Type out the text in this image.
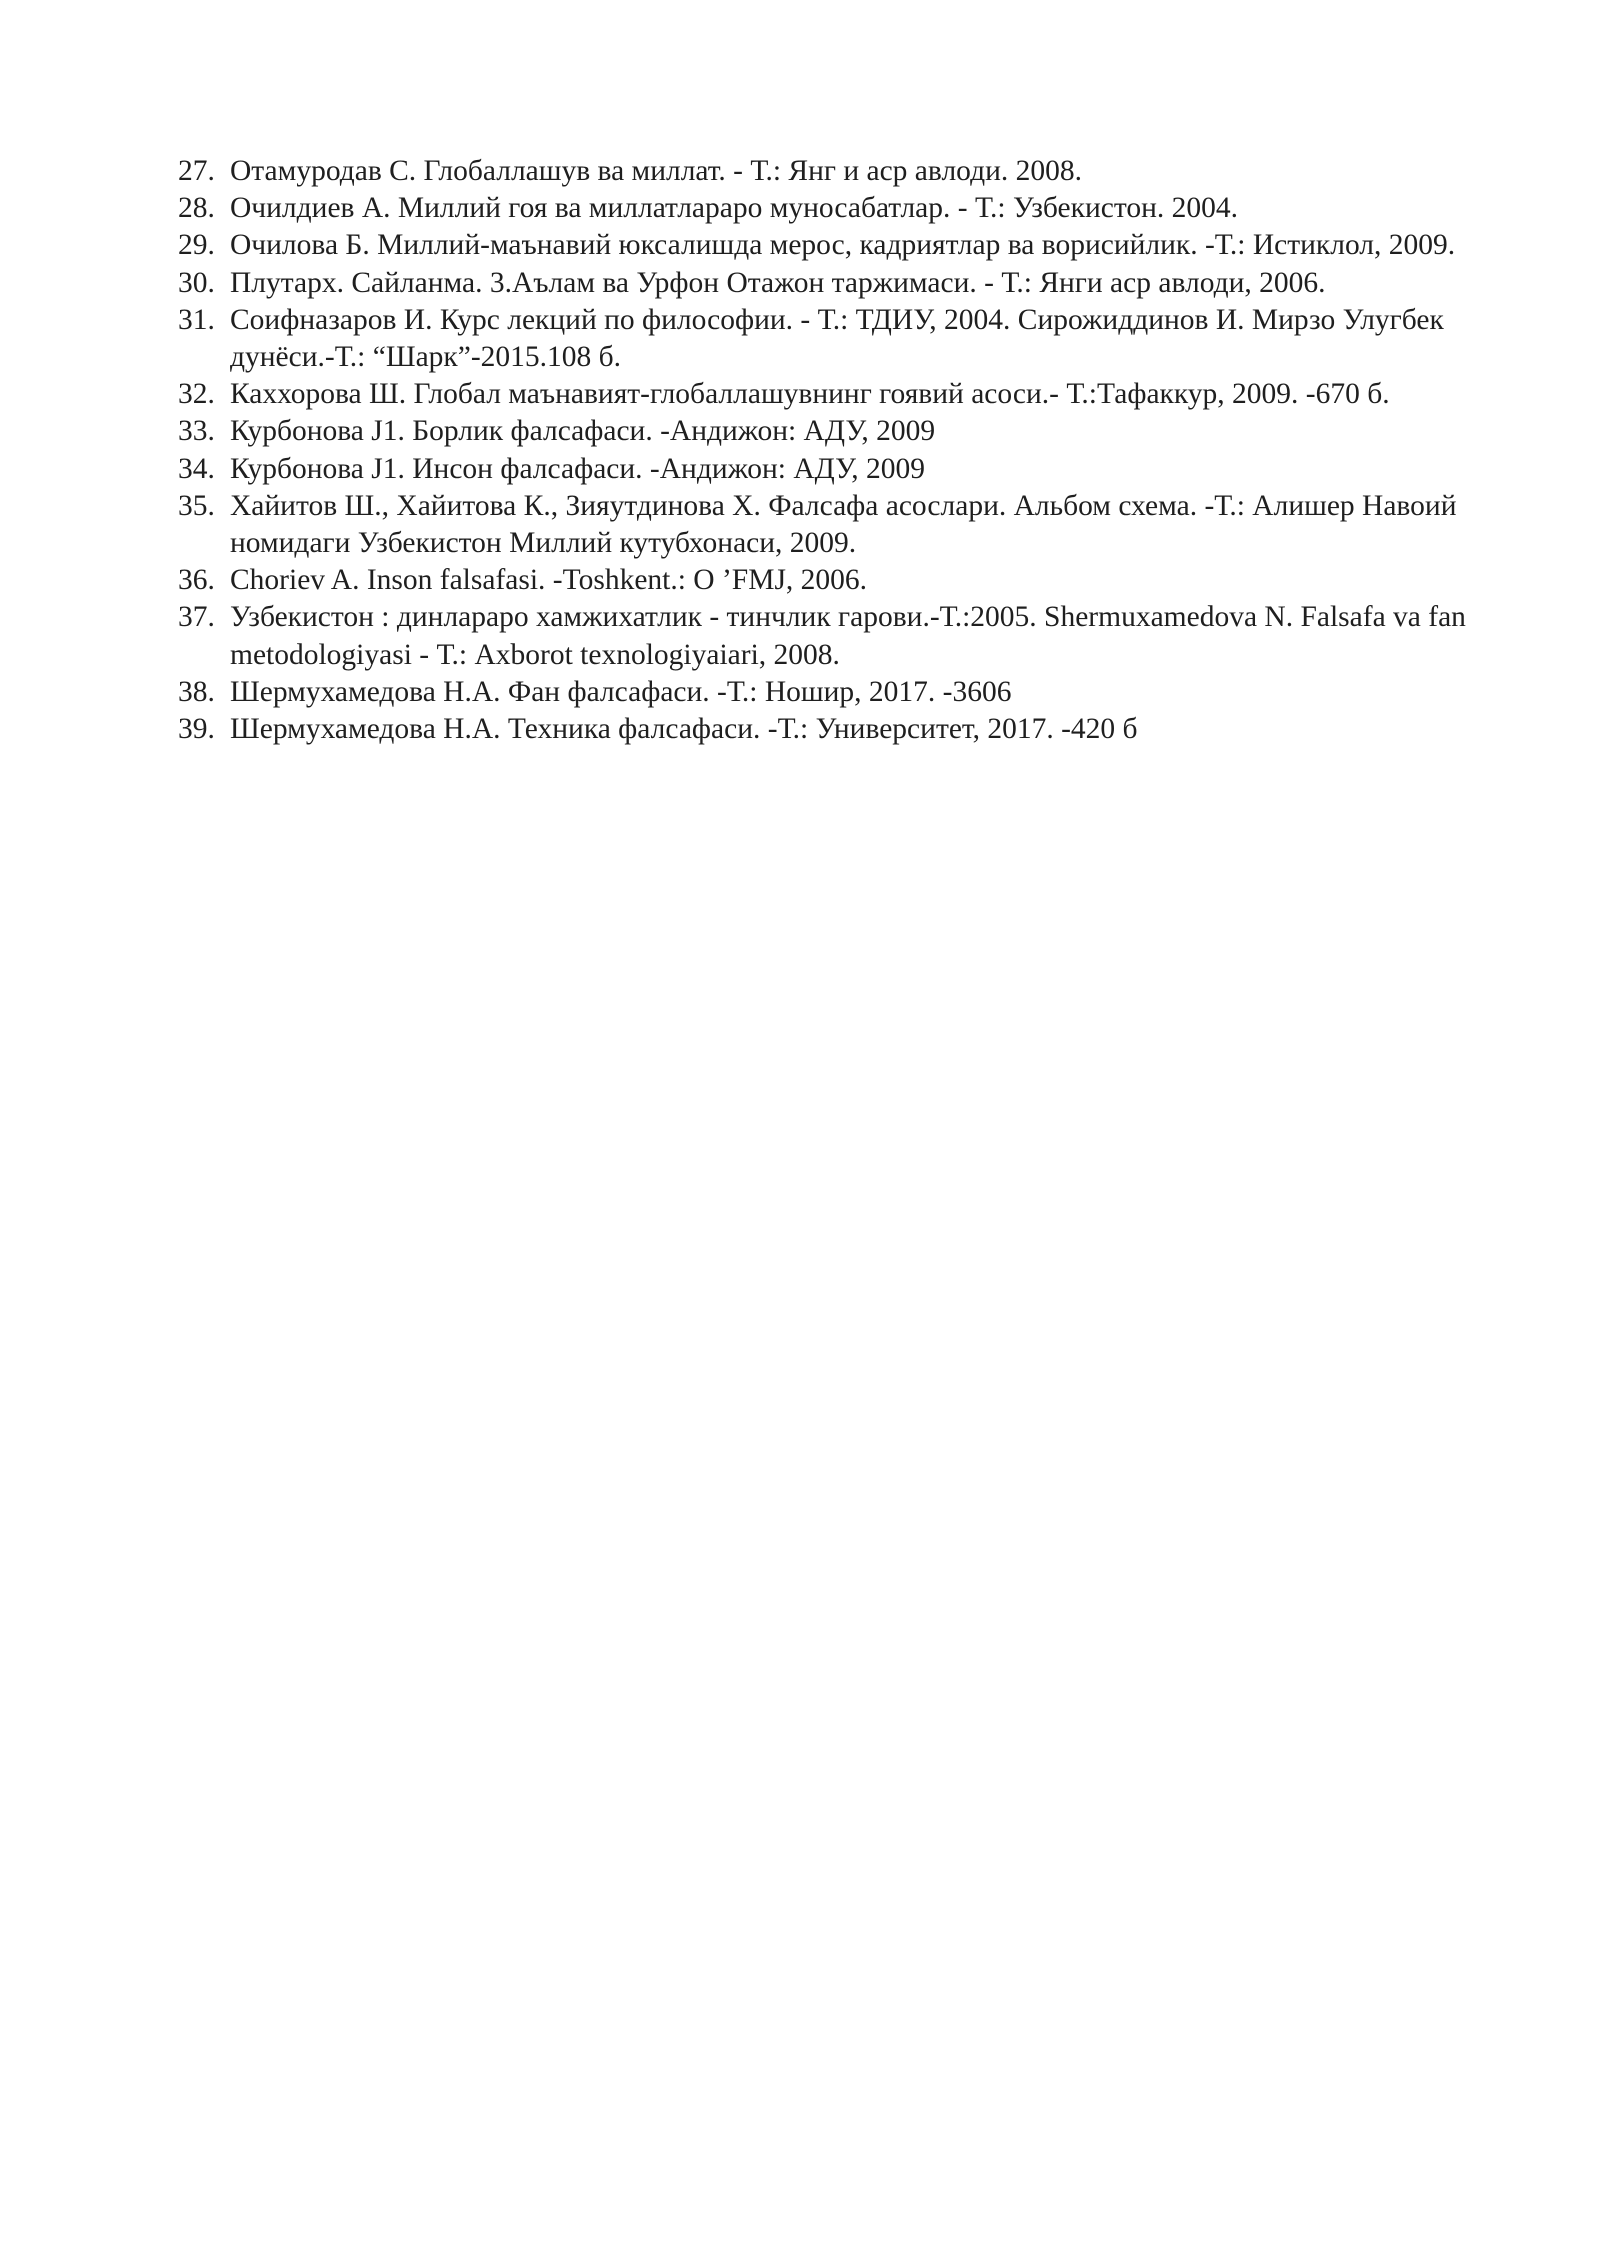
27. Отамуродав С. Глобаллашув ва миллат. - Т.: Янг и аср авлоди. 2008.
28. Очилдиев А. Миллий гоя ва миллатлараро муносабатлар. - Т.: Узбекистон. 2004.
29. Очилова Б. Миллий-маънавий юксалишда мерос, кадриятлар ва ворисийлик. -Т.: Истиклол, 2009.
30. Плутарх. Сайланма. 3.Аълам ва Урфон Отажон таржимаси. - Т.: Янги аср авлоди, 2006.
31. Соифназаров И. Курс лекций по философии. - Т.: ТДИУ, 2004. Сирожиддинов И. Мирзо Улугбек дунёси.-Т.: “Шарк”-2015.108 б.
32. Каххорова Ш. Глобал маънавият-глобаллашувнинг гоявий асоси.- Т.:Тафаккур, 2009. -670 б.
33. Курбонова J1. Борлик фалсафаси. -Андижон: АДУ, 2009
34. Курбонова J1. Инсон фалсафаси. -Андижон: АДУ, 2009
35. Хайитов Ш., Хайитова К., Зияутдинова Х. Фалсафа асослари. Альбом схема. -Т.: Алишер Навоий номидаги Узбекистон Миллий кутубхонаси, 2009.
36. Choriev A. Inson falsafasi. -Toshkent.: O ’FMJ, 2006.
37. Узбекистон : динлараро хамжихатлик - тинчлик гарови.-Т.:2005. Shermuxamedova N. Falsafa va fan metodologiyasi - Т.: Axborot texnologiyaiari, 2008.
38. Шермухамедова Н.А. Фан фалсафаси. -Т.: Ношир, 2017. -3606
39. Шермухамедова Н.А. Техника фалсафаси. -Т.: Университет, 2017. -420 б
